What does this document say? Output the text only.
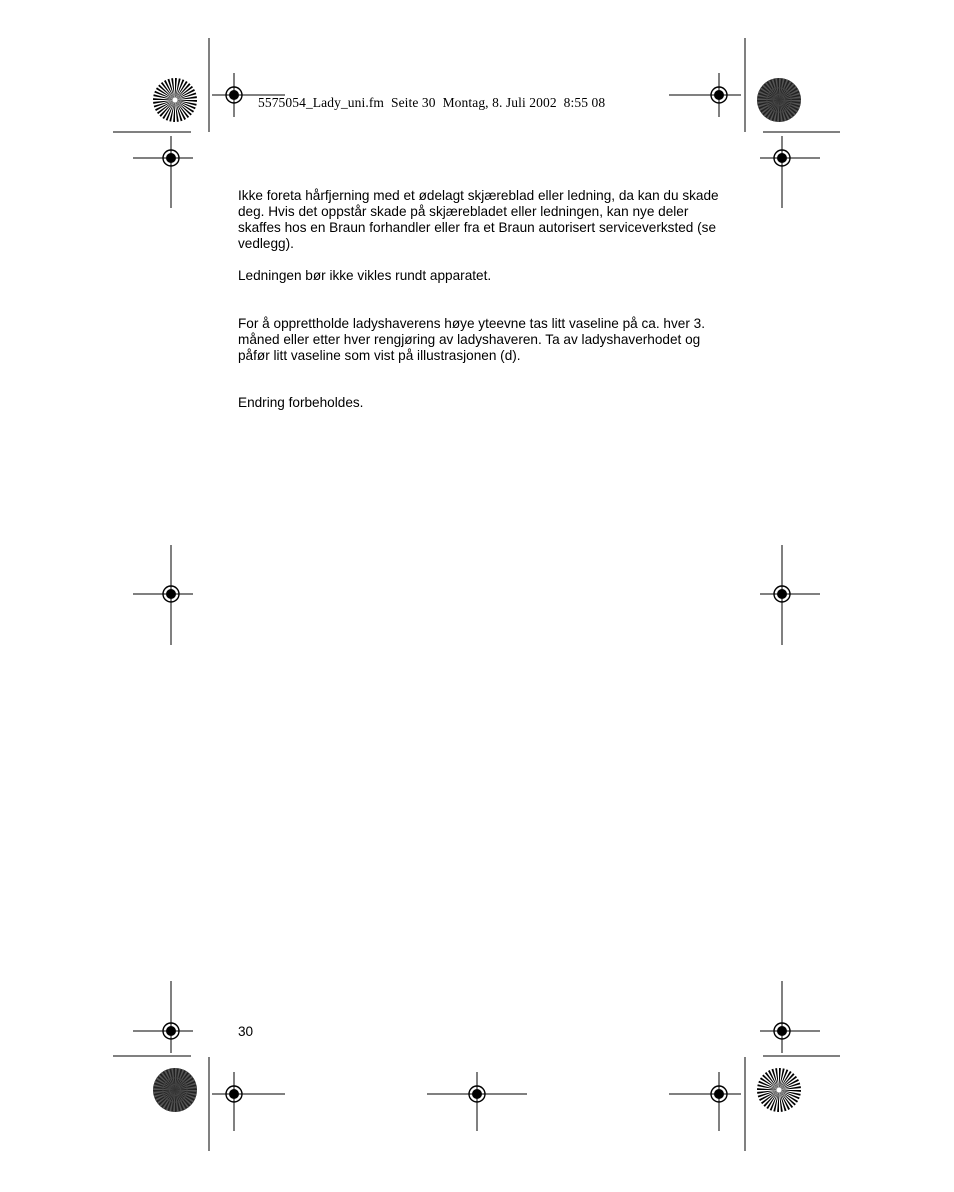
5575054_Lady_uni.fm  Seite 30  Montag, 8. Juli 2002  8:55 08

Ikke foreta hårfjerning med et ødelagt skjæreblad eller ledning, da kan du skade deg. Hvis det oppstår skade på skjærebladet eller ledningen, kan nye deler skaffes hos en Braun forhandler eller fra et Braun autorisert serviceverksted (se vedlegg).

Ledningen bør ikke vikles rundt apparatet.

For å opprettholde ladyshaverens høye yteevne tas litt vaseline på ca. hver 3. måned eller etter hver rengjøring av ladyshaveren. Ta av ladyshaverhodet og påfør litt vaseline som vist på illustrasjonen (d).

Endring forbeholdes.

30
